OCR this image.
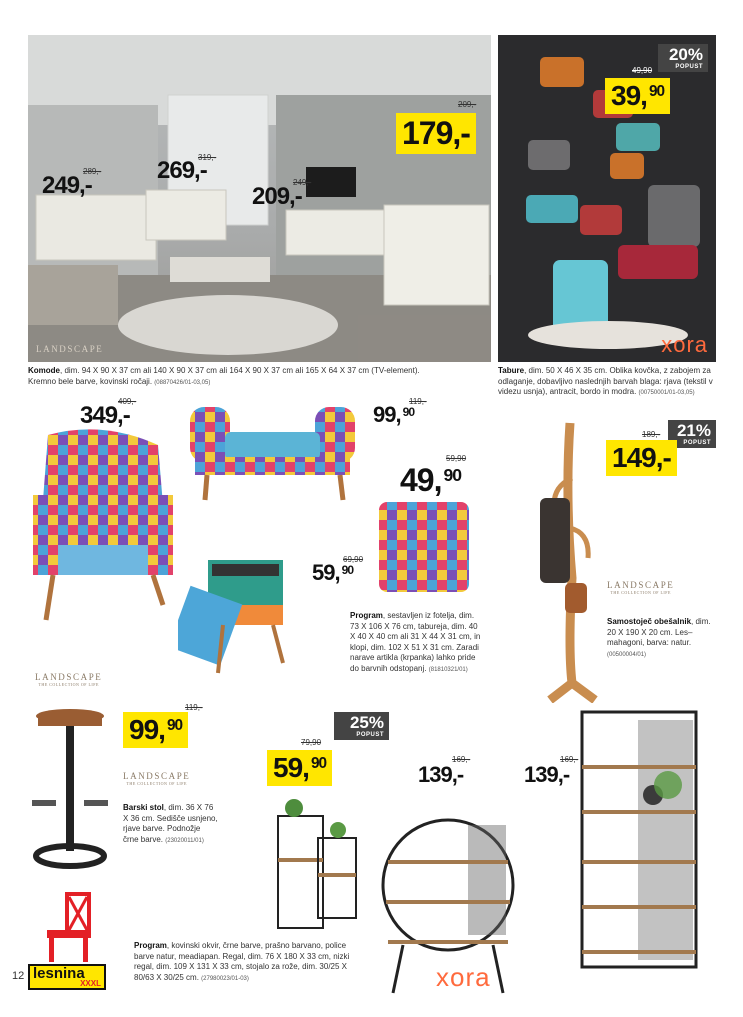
LANDSCAPE
209,-
179,-
319,-
269,-
289,-
249,-	249,-
209,-
Komode, dim. 94 X 90 X 37 cm ali 140 X 90 X 37 cm ali 164 X 90 X 37 cm ali 165 X 64 X 37 cm (TV-element). Kremno bele barve, kovinski ročaji. (08870426/01-03,05)
xora
20%
POPUST
49,90
39, $^{90}$
Tabure, dim. 50 X 46 X 35 cm. Oblika kovčka, z zabojem za odlaganje, dobavljivo naslednjih barvah blaga: rjava (tekstil v videzu usnja), antracit, bordo in modra. (00750001/01-03,05)
409,-
349,-
119,-
99, $^{90}$
59,90
49, $^{90}$
69,90
59, $^{90}$
Program, sestavljen iz fotelja, dim. 73 X 106 X 76 cm, tabureja, dim. 40 X 40 X 40 cm ali 31 X 44 X 31 cm, in klopi, dim. 102 X 51 X 31 cm. Zaradi narave artikla (krpanka) lahko pride do barvnih odstopanj. (81810321/01)
LANDSCAPE
THE COLLECTION OF LIFE
189,- 21%
POPUST
149,-
LANDSCAPE
THE COLLECTION OF LIFE
Samostoječ obešalnik, dim. 20 X 190 X 20 cm. Les–mahagoni, barva: natur. (00500004/01)
119,-
99, $^{90}$
LANDSCAPE
THE COLLECTION OF LIFE
Barski stol, dim. 36 X 76 X 36 cm. Sedišče usnjeno, rjave barve. Podnožje črne barve. (23020011/01)
25%
POPUST
79,90
59, $^{90}$	169,-
139,-
169,-
139,-
Program, kovinski okvir, črne barve, prašno barvano, police barve natur, meadiapan. Regal, dim. 76 X 180 X 33 cm, nizki regal, dim. 109 X 131 X 33 cm, stojalo za rože, dim. 30/25 X 80/63 X 30/25 cm. (27980023/01-03)	xora
12 lesnina
XXXL
